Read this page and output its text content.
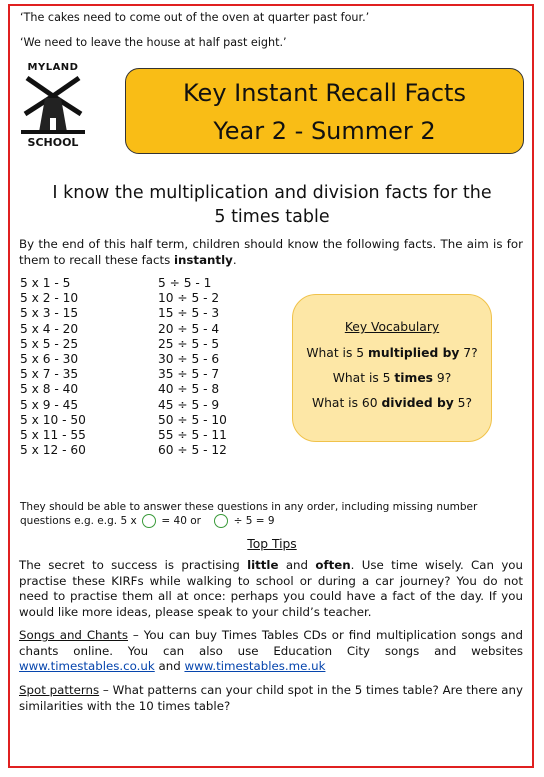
‘The cakes need to come out of the oven at quarter past four.’
‘We need to leave the house at half past eight.’
MYLAND
SCHOOL
Key Instant Recall Facts
Year 2 - Summer 2
I know the multiplication and division facts for the
5 times table
By the end of this half term, children should know the following facts. The aim is for them to recall these facts instantly.
5 x 1 - 5
5 x 2 - 10
5 x 3 - 15
5 x 4 - 20
5 x 5 - 25
5 x 6 - 30
5 x 7 - 35
5 x 8 - 40
5 x 9 - 45
5 x 10 - 50
5 x 11 - 55
5 x 12 - 60
5 ÷ 5 - 1
10 ÷ 5 - 2
15 ÷ 5 - 3
20 ÷ 5 - 4
25 ÷ 5 - 5
30 ÷ 5 - 6
35 ÷ 5 - 7
40 ÷ 5 - 8
45 ÷ 5 - 9
50 ÷ 5 - 10
55 ÷ 5 - 11
60 ÷ 5 - 12
Key Vocabulary
What is 5 multiplied by 7?
What is 5 times 9?
What is 60 divided by 5?
They should be able to answer these questions in any order, including missing number
questions e.g. e.g. 5 x = 40 or	÷ 5 = 9
Top Tips
The secret to success is practising little and often. Use time wisely. Can you practise these KIRFs while walking to school or during a car journey? You do not need to practise them all at once: perhaps you could have a fact of the day. If you would like more ideas, please speak to your child’s teacher.
Songs and Chants – You can buy Times Tables CDs or find multiplication songs and chants online. You can also use Education City songs and websites www.timestables.co.uk and www.timestables.me.uk
Spot patterns – What patterns can your child spot in the 5 times table? Are there any similarities with the 10 times table?
